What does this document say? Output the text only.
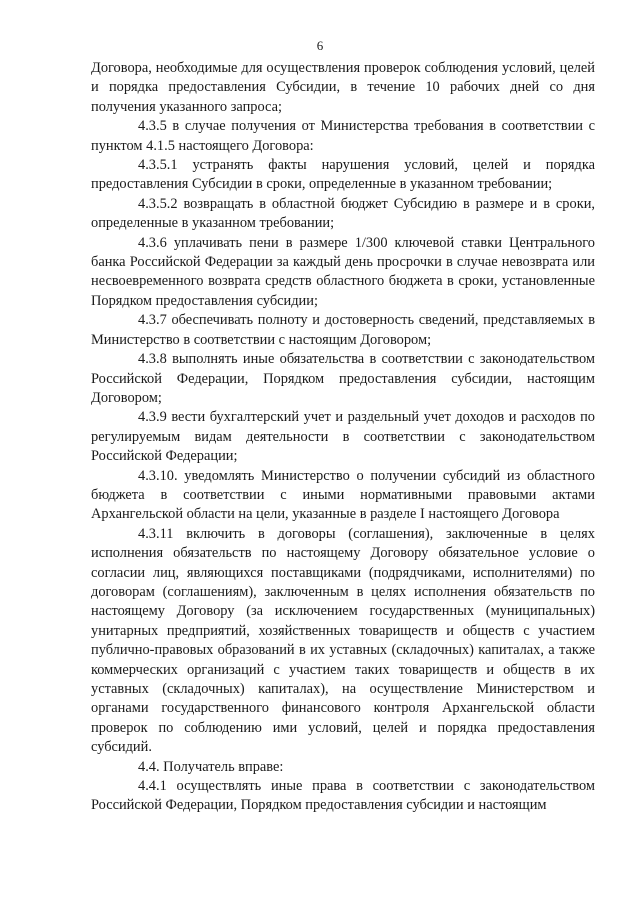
6

Договора, необходимые для осуществления проверок соблюдения условий, целей и порядка предоставления Субсидии, в течение 10 рабочих дней со дня получения указанного запроса;

4.3.5 в случае получения от Министерства требования в соответствии с пунктом 4.1.5 настоящего Договора:

4.3.5.1 устранять факты нарушения условий, целей и порядка предоставления Субсидии в сроки, определенные в указанном требовании;

4.3.5.2 возвращать в областной бюджет Субсидию в размере и в сроки, определенные в указанном требовании;

4.3.6 уплачивать пени в размере 1/300 ключевой ставки Центрального банка Российской Федерации за каждый день просрочки в случае невозврата или несвоевременного возврата средств областного бюджета в сроки, установленные Порядком предоставления субсидии;

4.3.7 обеспечивать полноту и достоверность сведений, представляемых в Министерство в соответствии с настоящим Договором;

4.3.8 выполнять иные обязательства в соответствии с законодательством Российской Федерации, Порядком предоставления субсидии, настоящим Договором;

4.3.9 вести бухгалтерский учет и раздельный учет доходов и расходов по регулируемым видам деятельности в соответствии с законодательством Российской Федерации;

4.3.10. уведомлять Министерство о получении субсидий из областного бюджета в соответствии с иными нормативными правовыми актами Архангельской области на цели, указанные в разделе I настоящего Договора

4.3.11 включить в договоры (соглашения), заключенные в целях исполнения обязательств по настоящему Договору обязательное условие о согласии лиц, являющихся поставщиками (подрядчиками, исполнителями) по договорам (соглашениям), заключенным в целях исполнения обязательств по настоящему Договору (за исключением государственных (муниципальных) унитарных предприятий, хозяйственных товариществ и обществ с участием публично-правовых образований в их уставных (складочных) капиталах, а также коммерческих организаций с участием таких товариществ и обществ в их уставных (складочных) капиталах), на осуществление Министерством и органами государственного финансового контроля Архангельской области проверок по соблюдению ими условий, целей и порядка предоставления субсидий.

4.4. Получатель вправе:

4.4.1 осуществлять иные права в соответствии с законодательством Российской Федерации, Порядком предоставления субсидии и настоящим
